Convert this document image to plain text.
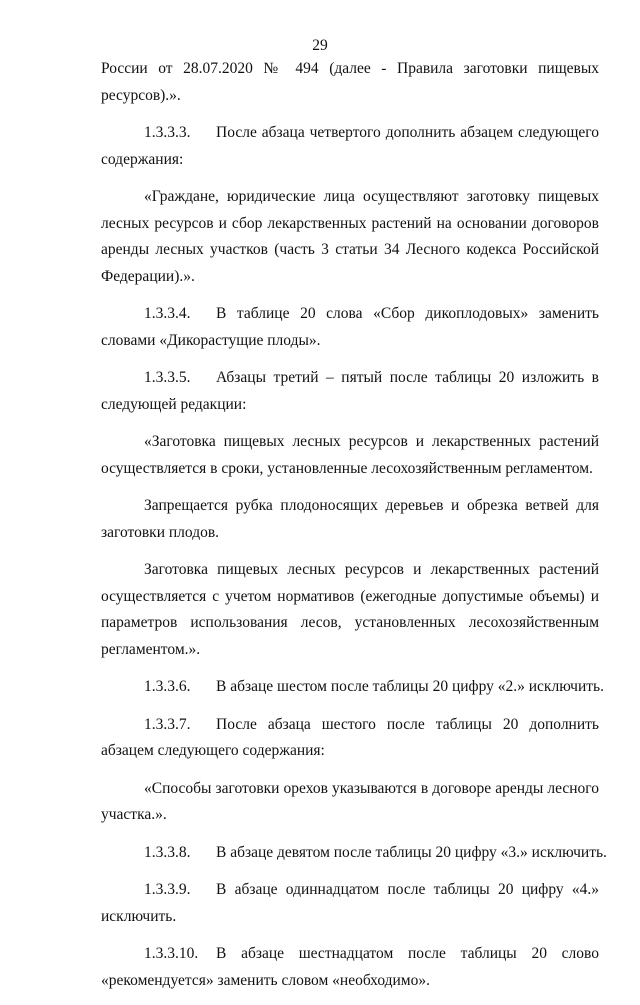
29
России от 28.07.2020 № 494 (далее - Правила заготовки пищевых
ресурсов).».
1.3.3.3. После абзаца четвертого дополнить абзацем следующего
содержания:
«Граждане, юридические лица осуществляют заготовку пищевых
лесных ресурсов и сбор лекарственных растений на основании договоров
аренды лесных участков (часть 3 статьи 34 Лесного кодекса Российской
Федерации).».
1.3.3.4. В таблице 20 слова «Сбор дикоплодовых» заменить
словами «Дикорастущие плоды».
1.3.3.5. Абзацы третий – пятый после таблицы 20 изложить в
следующей редакции:
«Заготовка пищевых лесных ресурсов и лекарственных растений
осуществляется в сроки, установленные лесохозяйственным регламентом.
Запрещается рубка плодоносящих деревьев и обрезка ветвей для
заготовки плодов.
Заготовка пищевых лесных ресурсов и лекарственных растений
осуществляется с учетом нормативов (ежегодные допустимые объемы) и
параметров использования лесов, установленных лесохозяйственным
регламентом.».
1.3.3.6. В абзаце шестом после таблицы 20 цифру «2.» исключить.
1.3.3.7. После абзаца шестого после таблицы 20 дополнить
абзацем следующего содержания:
«Способы заготовки орехов указываются в договоре аренды лесного
участка.».
1.3.3.8. В абзаце девятом после таблицы 20 цифру «3.» исключить.
1.3.3.9. В абзаце одиннадцатом после таблицы 20 цифру «4.»
исключить.
1.3.3.10. В абзаце шестнадцатом после таблицы 20 слово
«рекомендуется» заменить словом «необходимо».
